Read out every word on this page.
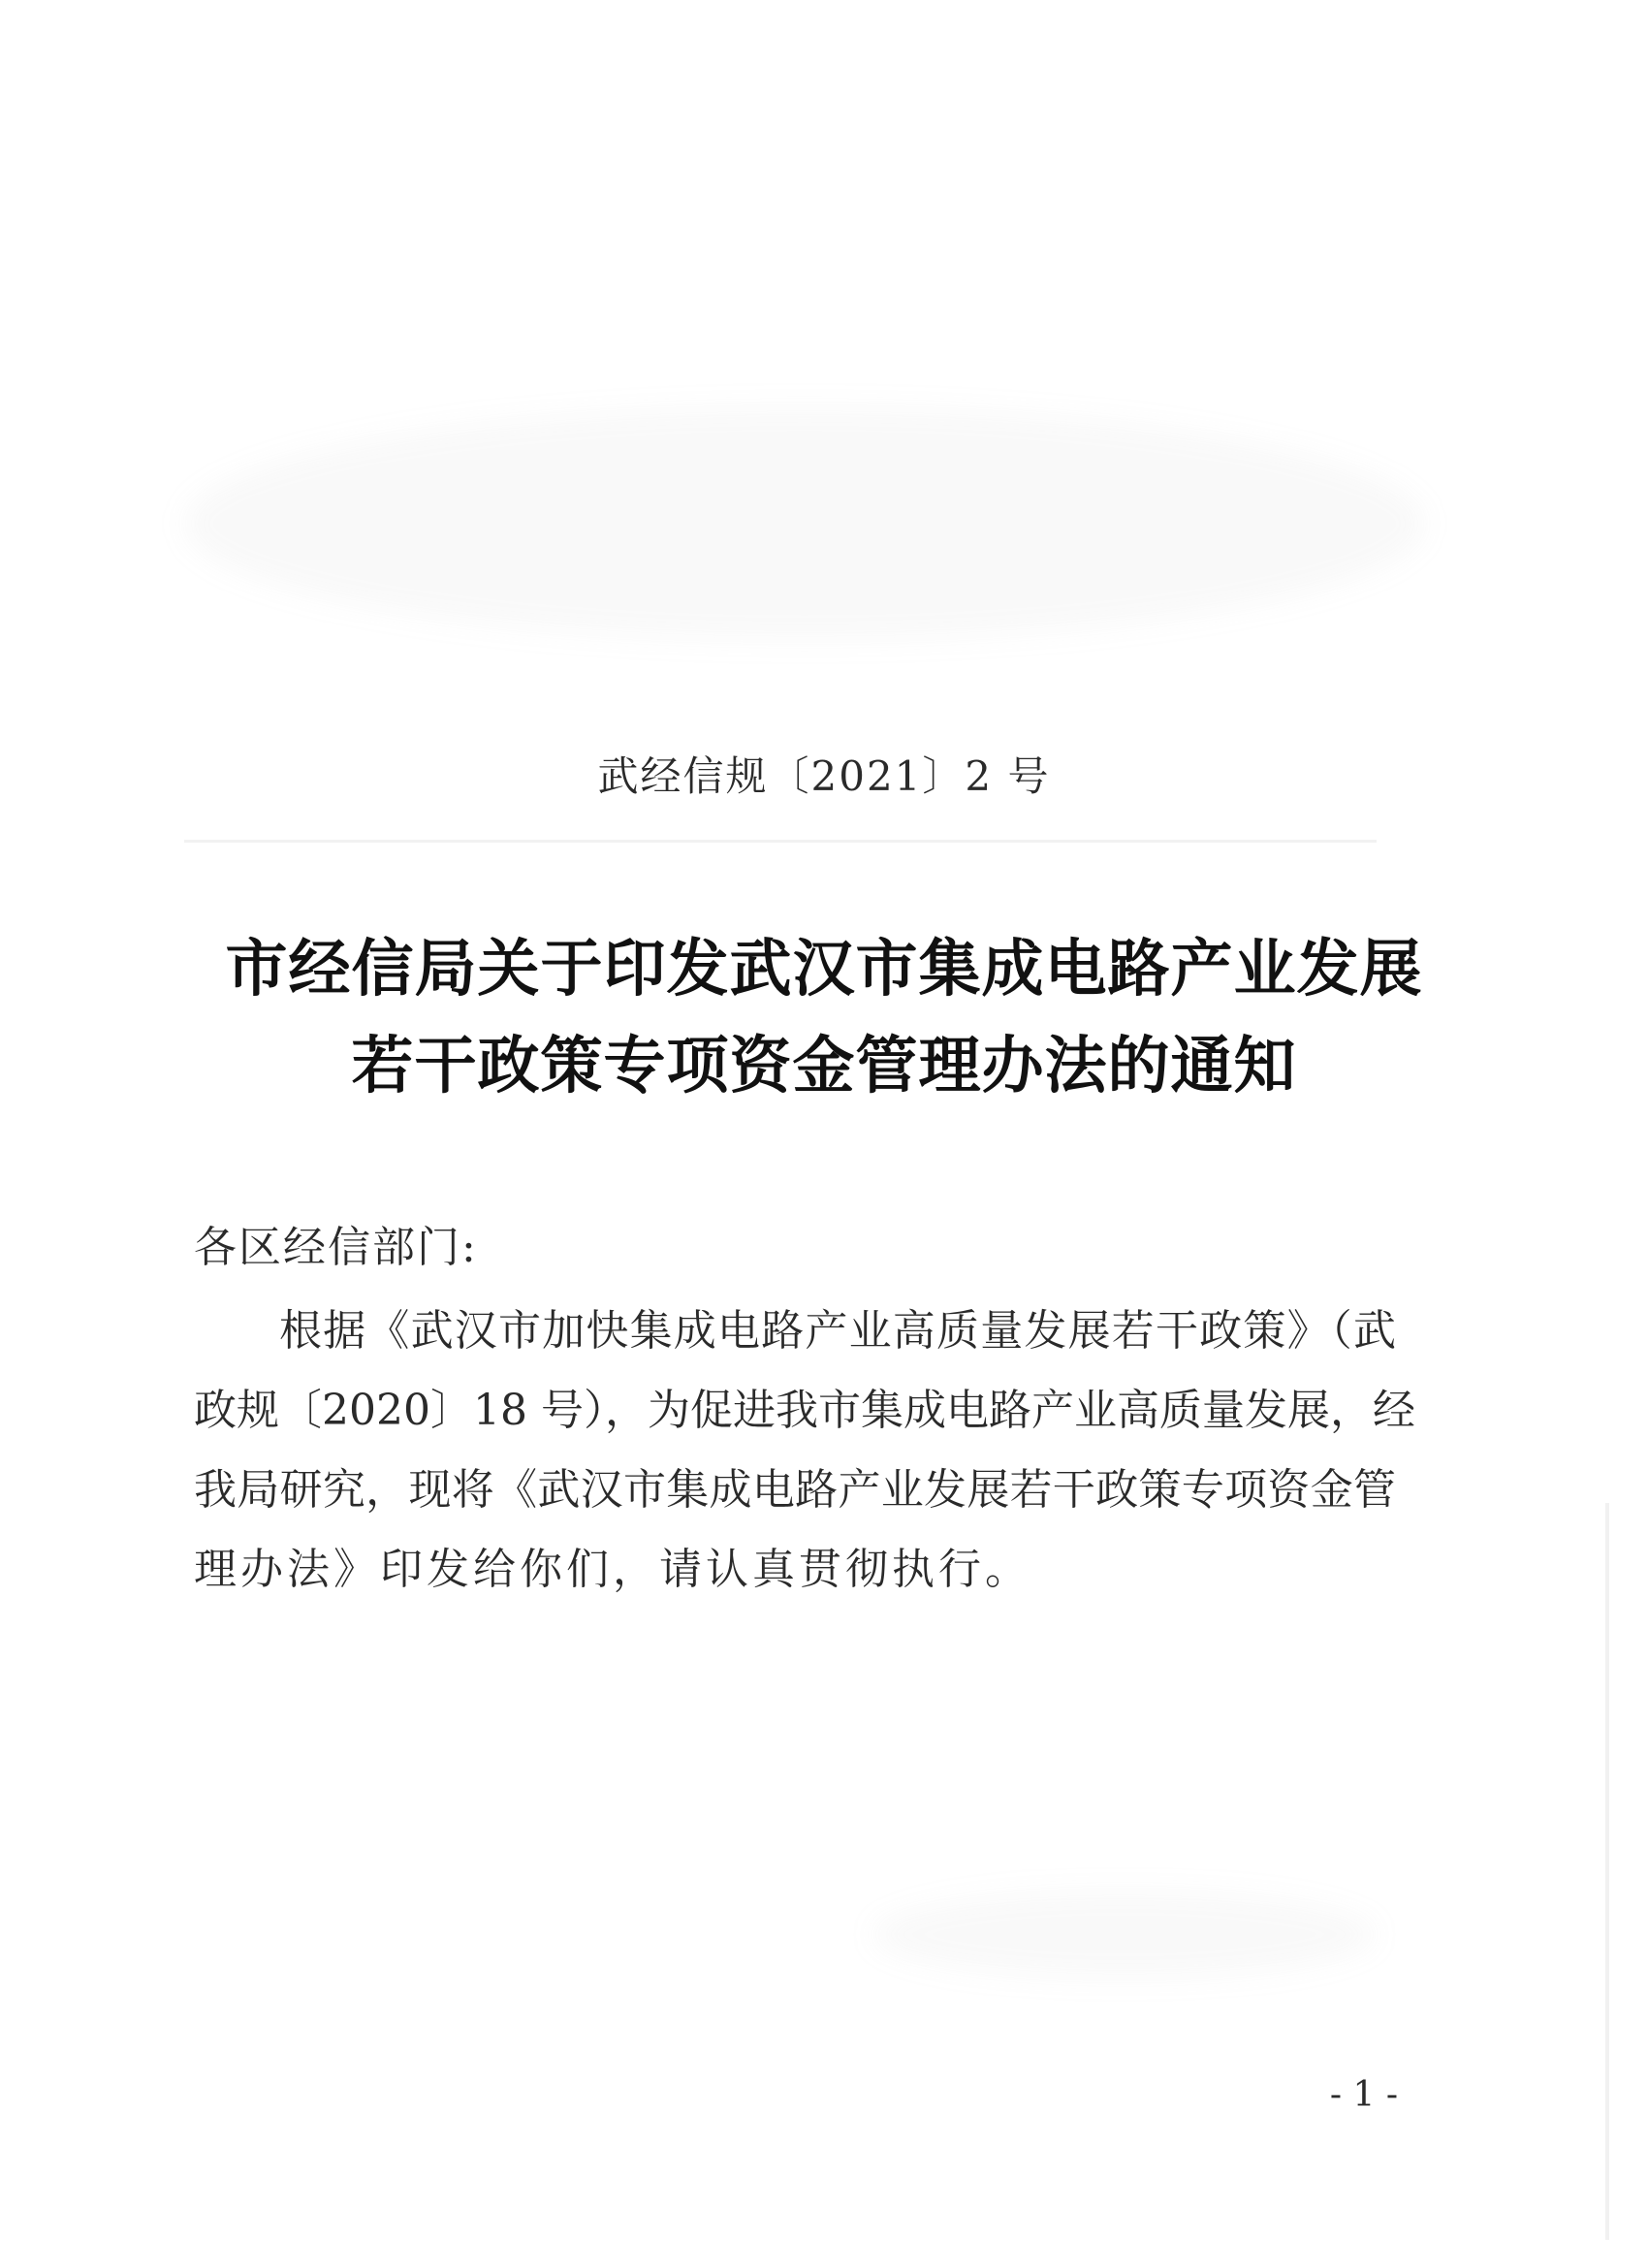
武经信规〔2021〕2 号
市经信局关于印发武汉市集成电路产业发展
若干政策专项资金管理办法的通知
各区经信部门:
根据《武汉市加快集成电路产业高质量发展若干政策》（武
政规〔2020〕18 号），为促进我市集成电路产业高质量发展，经
我局研究，现将《武汉市集成电路产业发展若干政策专项资金管
理办法》印发给你们，请认真贯彻执行。
- 1 -
